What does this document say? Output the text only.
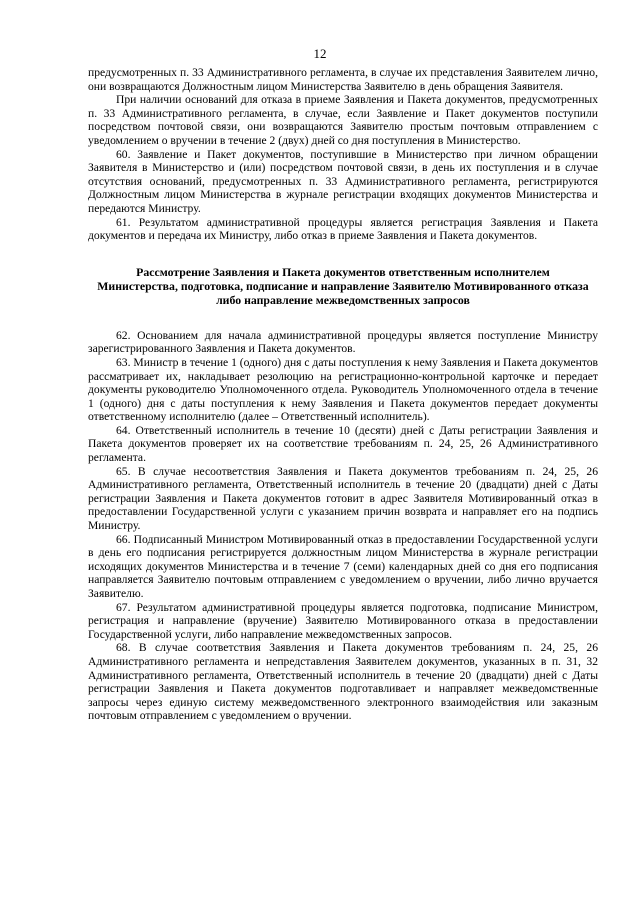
12

предусмотренных п. 33 Административного регламента, в случае их представления Заявителем лично, они возвращаются Должностным лицом Министерства Заявителю в день обращения Заявителя.

При наличии оснований для отказа в приеме Заявления и Пакета документов, предусмотренных п. 33 Административного регламента, в случае, если Заявление и Пакет документов поступили посредством почтовой связи, они возвращаются Заявителю простым почтовым отправлением с уведомлением о вручении в течение 2 (двух) дней со дня поступления в Министерство.

60. Заявление и Пакет документов, поступившие в Министерство при личном обращении Заявителя в Министерство и (или) посредством почтовой связи, в день их поступления и в случае отсутствия оснований, предусмотренных п. 33 Административного регламента, регистрируются Должностным лицом Министерства в журнале регистрации входящих документов Министерства и передаются Министру.

61. Результатом административной процедуры является регистрация Заявления и Пакета документов и передача их Министру, либо отказ в приеме Заявления и Пакета документов.

Рассмотрение Заявления и Пакета документов ответственным исполнителем Министерства, подготовка, подписание и направление Заявителю Мотивированного отказа либо направление межведомственных запросов

62. Основанием для начала административной процедуры является поступление Министру зарегистрированного Заявления и Пакета документов.

63. Министр в течение 1 (одного) дня с даты поступления к нему Заявления и Пакета документов рассматривает их, накладывает резолюцию на регистрационно-контрольной карточке и передает документы руководителю Уполномоченного отдела. Руководитель Уполномоченного отдела в течение 1 (одного) дня с даты поступления к нему Заявления и Пакета документов передает документы ответственному исполнителю (далее – Ответственный исполнитель).

64. Ответственный исполнитель в течение 10 (десяти) дней с Даты регистрации Заявления и Пакета документов проверяет их на соответствие требованиям п. 24, 25, 26 Административного регламента.

65. В случае несоответствия Заявления и Пакета документов требованиям п. 24, 25, 26 Административного регламента, Ответственный исполнитель в течение 20 (двадцати) дней с Даты регистрации Заявления и Пакета документов готовит в адрес Заявителя Мотивированный отказ в предоставлении Государственной услуги с указанием причин возврата и направляет его на подпись Министру.

66. Подписанный Министром Мотивированный отказ в предоставлении Государственной услуги в день его подписания регистрируется должностным лицом Министерства в журнале регистрации исходящих документов Министерства и в течение 7 (семи) календарных дней со дня его подписания направляется Заявителю почтовым отправлением с уведомлением о вручении, либо лично вручается Заявителю.

67. Результатом административной процедуры является подготовка, подписание Министром, регистрация и направление (вручение) Заявителю Мотивированного отказа в предоставлении Государственной услуги, либо направление межведомственных запросов.

68. В случае соответствия Заявления и Пакета документов требованиям п. 24, 25, 26 Административного регламента и непредставления Заявителем документов, указанных в п. 31, 32 Административного регламента, Ответственный исполнитель в течение 20 (двадцати) дней с Даты регистрации Заявления и Пакета документов подготавливает и направляет межведомственные запросы через единую систему межведомственного электронного взаимодействия или заказным почтовым отправлением с уведомлением о вручении.
